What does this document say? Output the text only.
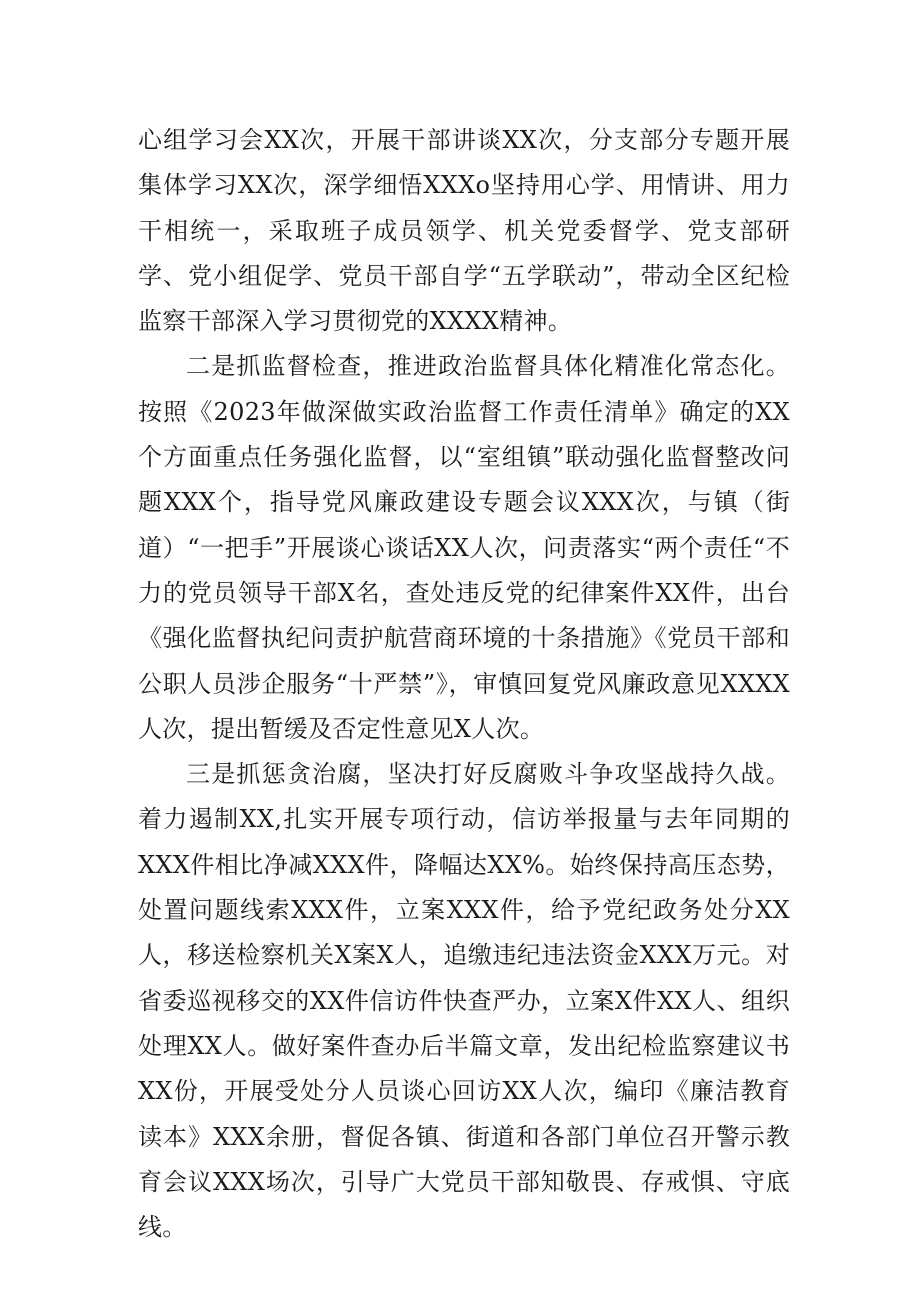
心组学习会XX次，开展干部讲谈XX次，分支部分专题开展集体学习XX次，深学细悟XXXo坚持用心学、用情讲、用力干相统一，采取班子成员领学、机关党委督学、党支部研学、党小组促学、党员干部自学“五学联动”，带动全区纪检监察干部深入学习贯彻党的XXXX精神。

二是抓监督检查，推进政治监督具体化精准化常态化。按照《2023年做深做实政治监督工作责任清单》确定的XX个方面重点任务强化监督，以“室组镇”联动强化监督整改问题XXX个，指导党风廉政建设专题会议XXX次，与镇（街道）“一把手”开展谈心谈话XX人次，问责落实“两个责任“不力的党员领导干部X名，查处违反党的纪律案件XX件，出台《强化监督执纪问责护航营商环境的十条措施》《党员干部和公职人员涉企服务“十严禁”》，审慎回复党风廉政意见XXXX人次，提出暂缓及否定性意见X人次。

三是抓惩贪治腐，坚决打好反腐败斗争攻坚战持久战。着力遏制XX,扎实开展专项行动，信访举报量与去年同期的XXX件相比净减XXX件，降幅达XX%。始终保持高压态势，处置问题线索XXX件，立案XXX件，给予党纪政务处分XX人，移送检察机关X案X人，追缴违纪违法资金XXX万元。对省委巡视移交的XX件信访件快查严办，立案X件XX人、组织处理XX人。做好案件查办后半篇文章，发出纪检监察建议书XX份，开展受处分人员谈心回访XX人次，编印《廉洁教育读本》XXX余册，督促各镇、街道和各部门单位召开警示教育会议XXX场次，引导广大党员干部知敬畏、存戒惧、守底线。
